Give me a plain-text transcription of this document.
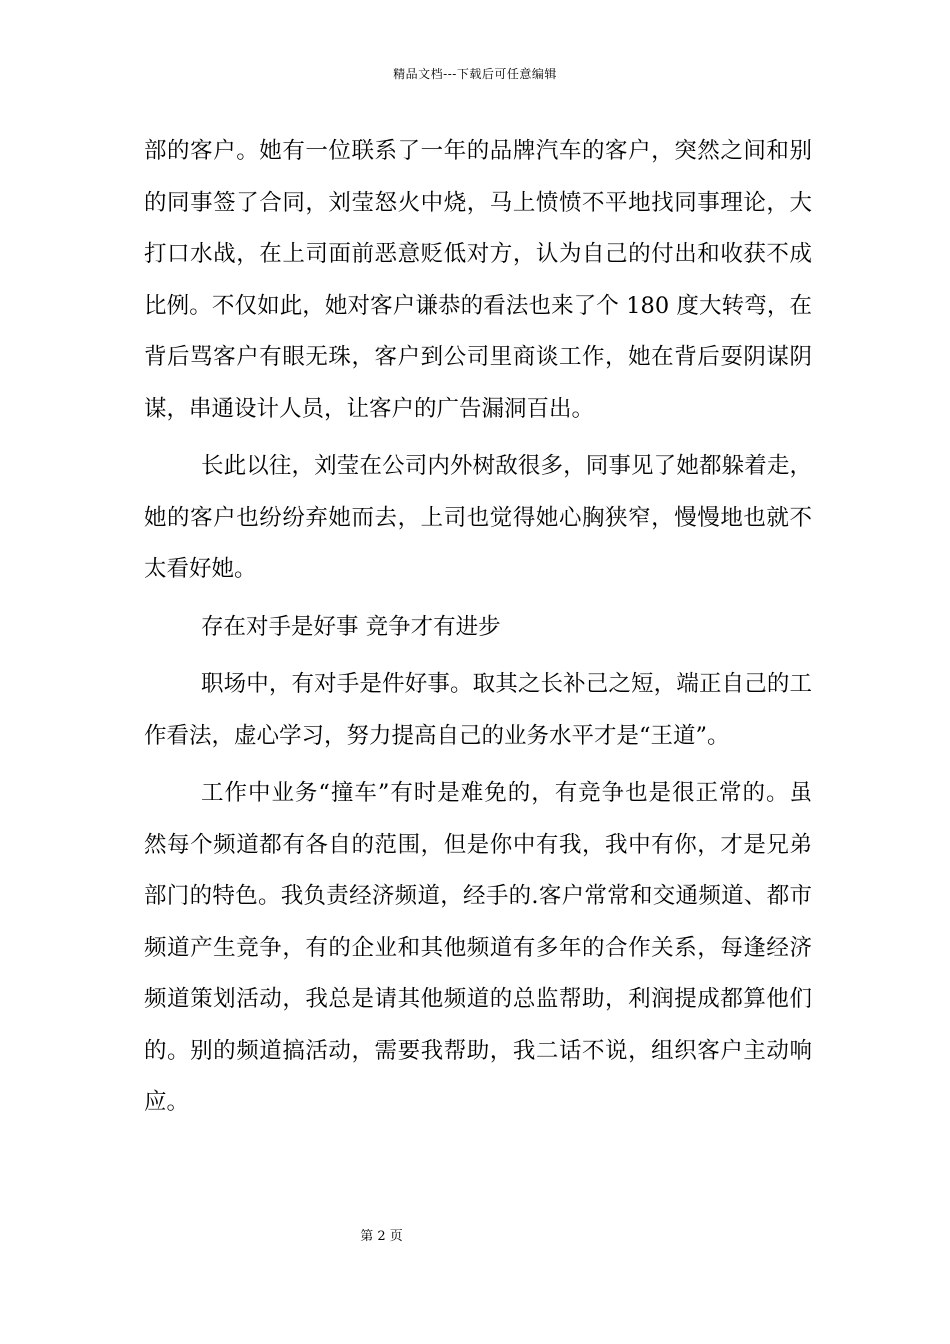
精品文档---下载后可任意编辑
部的客户。她有一位联系了一年的品牌汽车的客户，突然之间和别
的同事签了合同，刘莹怒火中烧，马上愤愤不平地找同事理论，大
打口水战，在上司面前恶意贬低对方，认为自己的付出和收获不成
比例。不仅如此，她对客户谦恭的看法也来了个 180 度大转弯，在
背后骂客户有眼无珠，客户到公司里商谈工作，她在背后耍阴谋阴
谋，串通设计人员，让客户的广告漏洞百出。
长此以往，刘莹在公司内外树敌很多，同事见了她都躲着走，
她的客户也纷纷弃她而去，上司也觉得她心胸狭窄，慢慢地也就不
太看好她。
存在对手是好事 竞争才有进步
职场中，有对手是件好事。取其之长补己之短，端正自己的工
作看法，虚心学习，努力提高自己的业务水平才是“王道”。
工作中业务“撞车”有时是难免的，有竞争也是很正常的。虽
然每个频道都有各自的范围，但是你中有我，我中有你，才是兄弟
部门的特色。我负责经济频道，经手的.客户常常和交通频道、都市
频道产生竞争，有的企业和其他频道有多年的合作关系，每逢经济
频道策划活动，我总是请其他频道的总监帮助，利润提成都算他们
的。别的频道搞活动，需要我帮助，我二话不说，组织客户主动响
应。
第 2 页
